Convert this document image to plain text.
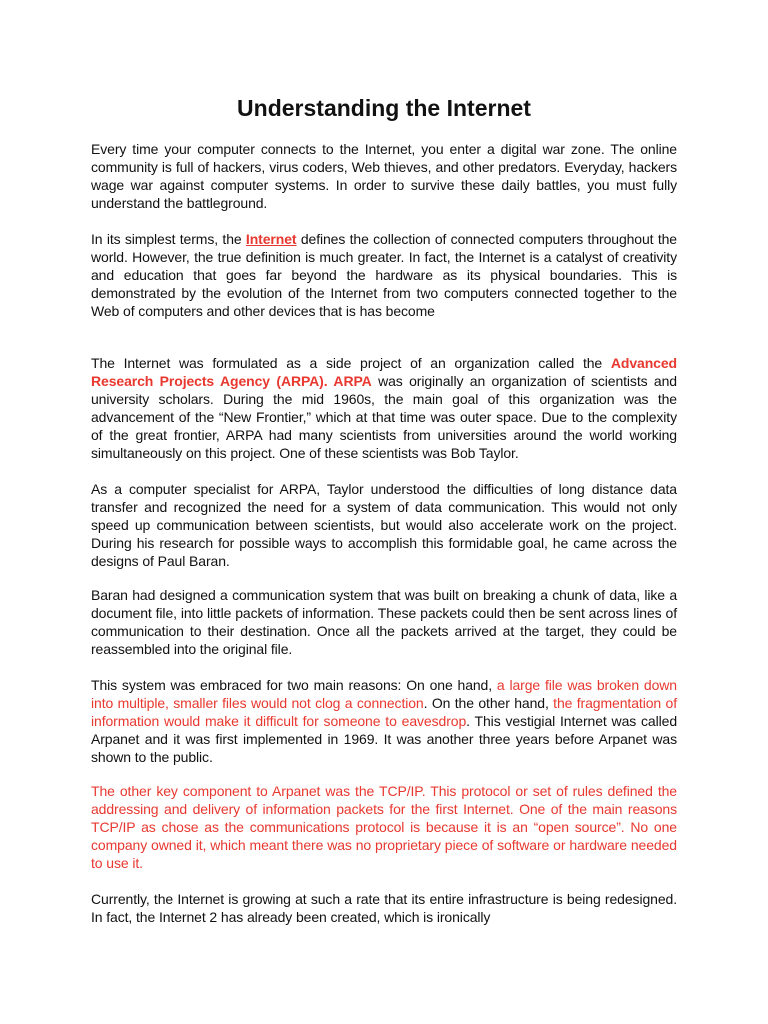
Understanding the Internet

Every time your computer connects to the Internet, you enter a digital war zone. The online community is full of hackers, virus coders, Web thieves, and other predators. Everyday, hackers wage war against computer systems. In order to survive these daily battles, you must fully understand the battleground.

In its simplest terms, the Internet defines the collection of connected computers throughout the world. However, the true definition is much greater. In fact, the Internet is a catalyst of creativity and education that goes far beyond the hardware as its physical boundaries. This is demonstrated by the evolution of the Internet from two computers connected together to the Web of computers and other devices that is has become

The Internet was formulated as a side project of an organization called the Advanced Research Projects Agency (ARPA). ARPA was originally an organization of scientists and university scholars. During the mid 1960s, the main goal of this organization was the advancement of the “New Frontier,” which at that time was outer space. Due to the complexity of the great frontier, ARPA had many scientists from universities around the world working simultaneously on this project. One of these scientists was Bob Taylor.

As a computer specialist for ARPA, Taylor understood the difficulties of long distance data transfer and recognized the need for a system of data communication. This would not only speed up communication between scientists, but would also accelerate work on the project. During his research for possible ways to accomplish this formidable goal, he came across the designs of Paul Baran.

Baran had designed a communication system that was built on breaking a chunk of data, like a document file, into little packets of information. These packets could then be sent across lines of communication to their destination. Once all the packets arrived at the target, they could be reassembled into the original file.

This system was embraced for two main reasons: On one hand, a large file was broken down into multiple, smaller files would not clog a connection. On the other hand, the fragmentation of information would make it difficult for someone to eavesdrop. This vestigial Internet was called Arpanet and it was first implemented in 1969. It was another three years before Arpanet was shown to the public.

The other key component to Arpanet was the TCP/IP. This protocol or set of rules defined the addressing and delivery of information packets for the first Internet. One of the main reasons TCP/IP as chose as the communications protocol is because it is an “open source”. No one company owned it, which meant there was no proprietary piece of software or hardware needed to use it.

Currently, the Internet is growing at such a rate that its entire infrastructure is being redesigned. In fact, the Internet 2 has already been created, which is ironically
